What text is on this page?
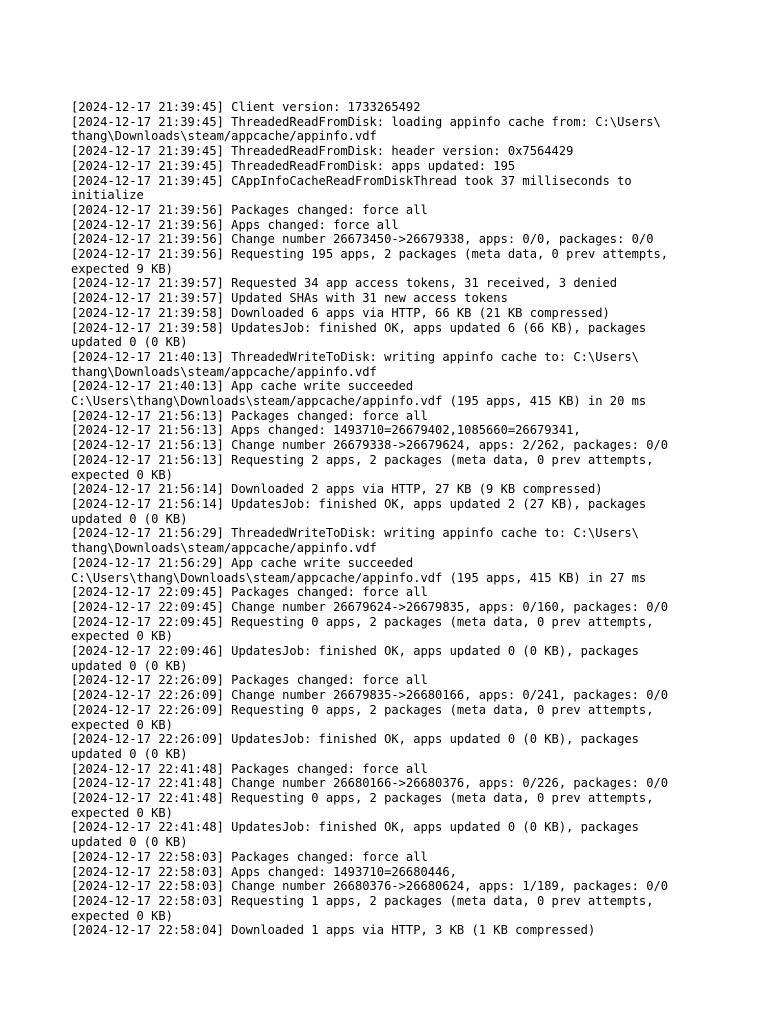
[2024-12-17 21:39:45] Client version: 1733265492
[2024-12-17 21:39:45] ThreadedReadFromDisk: loading appinfo cache from: C:\Users\
thang\Downloads\steam/appcache/appinfo.vdf
[2024-12-17 21:39:45] ThreadedReadFromDisk: header version: 0x7564429
[2024-12-17 21:39:45] ThreadedReadFromDisk: apps updated: 195
[2024-12-17 21:39:45] CAppInfoCacheReadFromDiskThread took 37 milliseconds to
initialize
[2024-12-17 21:39:56] Packages changed: force all
[2024-12-17 21:39:56] Apps changed: force all
[2024-12-17 21:39:56] Change number 26673450->26679338, apps: 0/0, packages: 0/0
[2024-12-17 21:39:56] Requesting 195 apps, 2 packages (meta data, 0 prev attempts,
expected 9 KB)
[2024-12-17 21:39:57] Requested 34 app access tokens, 31 received, 3 denied
[2024-12-17 21:39:57] Updated SHAs with 31 new access tokens
[2024-12-17 21:39:58] Downloaded 6 apps via HTTP, 66 KB (21 KB compressed)
[2024-12-17 21:39:58] UpdatesJob: finished OK, apps updated 6 (66 KB), packages
updated 0 (0 KB)
[2024-12-17 21:40:13] ThreadedWriteToDisk: writing appinfo cache to: C:\Users\
thang\Downloads\steam/appcache/appinfo.vdf
[2024-12-17 21:40:13] App cache write succeeded
C:\Users\thang\Downloads\steam/appcache/appinfo.vdf (195 apps, 415 KB) in 20 ms
[2024-12-17 21:56:13] Packages changed: force all
[2024-12-17 21:56:13] Apps changed: 1493710=26679402,1085660=26679341,
[2024-12-17 21:56:13] Change number 26679338->26679624, apps: 2/262, packages: 0/0
[2024-12-17 21:56:13] Requesting 2 apps, 2 packages (meta data, 0 prev attempts,
expected 0 KB)
[2024-12-17 21:56:14] Downloaded 2 apps via HTTP, 27 KB (9 KB compressed)
[2024-12-17 21:56:14] UpdatesJob: finished OK, apps updated 2 (27 KB), packages
updated 0 (0 KB)
[2024-12-17 21:56:29] ThreadedWriteToDisk: writing appinfo cache to: C:\Users\
thang\Downloads\steam/appcache/appinfo.vdf
[2024-12-17 21:56:29] App cache write succeeded
C:\Users\thang\Downloads\steam/appcache/appinfo.vdf (195 apps, 415 KB) in 27 ms
[2024-12-17 22:09:45] Packages changed: force all
[2024-12-17 22:09:45] Change number 26679624->26679835, apps: 0/160, packages: 0/0
[2024-12-17 22:09:45] Requesting 0 apps, 2 packages (meta data, 0 prev attempts,
expected 0 KB)
[2024-12-17 22:09:46] UpdatesJob: finished OK, apps updated 0 (0 KB), packages
updated 0 (0 KB)
[2024-12-17 22:26:09] Packages changed: force all
[2024-12-17 22:26:09] Change number 26679835->26680166, apps: 0/241, packages: 0/0
[2024-12-17 22:26:09] Requesting 0 apps, 2 packages (meta data, 0 prev attempts,
expected 0 KB)
[2024-12-17 22:26:09] UpdatesJob: finished OK, apps updated 0 (0 KB), packages
updated 0 (0 KB)
[2024-12-17 22:41:48] Packages changed: force all
[2024-12-17 22:41:48] Change number 26680166->26680376, apps: 0/226, packages: 0/0
[2024-12-17 22:41:48] Requesting 0 apps, 2 packages (meta data, 0 prev attempts,
expected 0 KB)
[2024-12-17 22:41:48] UpdatesJob: finished OK, apps updated 0 (0 KB), packages
updated 0 (0 KB)
[2024-12-17 22:58:03] Packages changed: force all
[2024-12-17 22:58:03] Apps changed: 1493710=26680446,
[2024-12-17 22:58:03] Change number 26680376->26680624, apps: 1/189, packages: 0/0
[2024-12-17 22:58:03] Requesting 1 apps, 2 packages (meta data, 0 prev attempts,
expected 0 KB)
[2024-12-17 22:58:04] Downloaded 1 apps via HTTP, 3 KB (1 KB compressed)
